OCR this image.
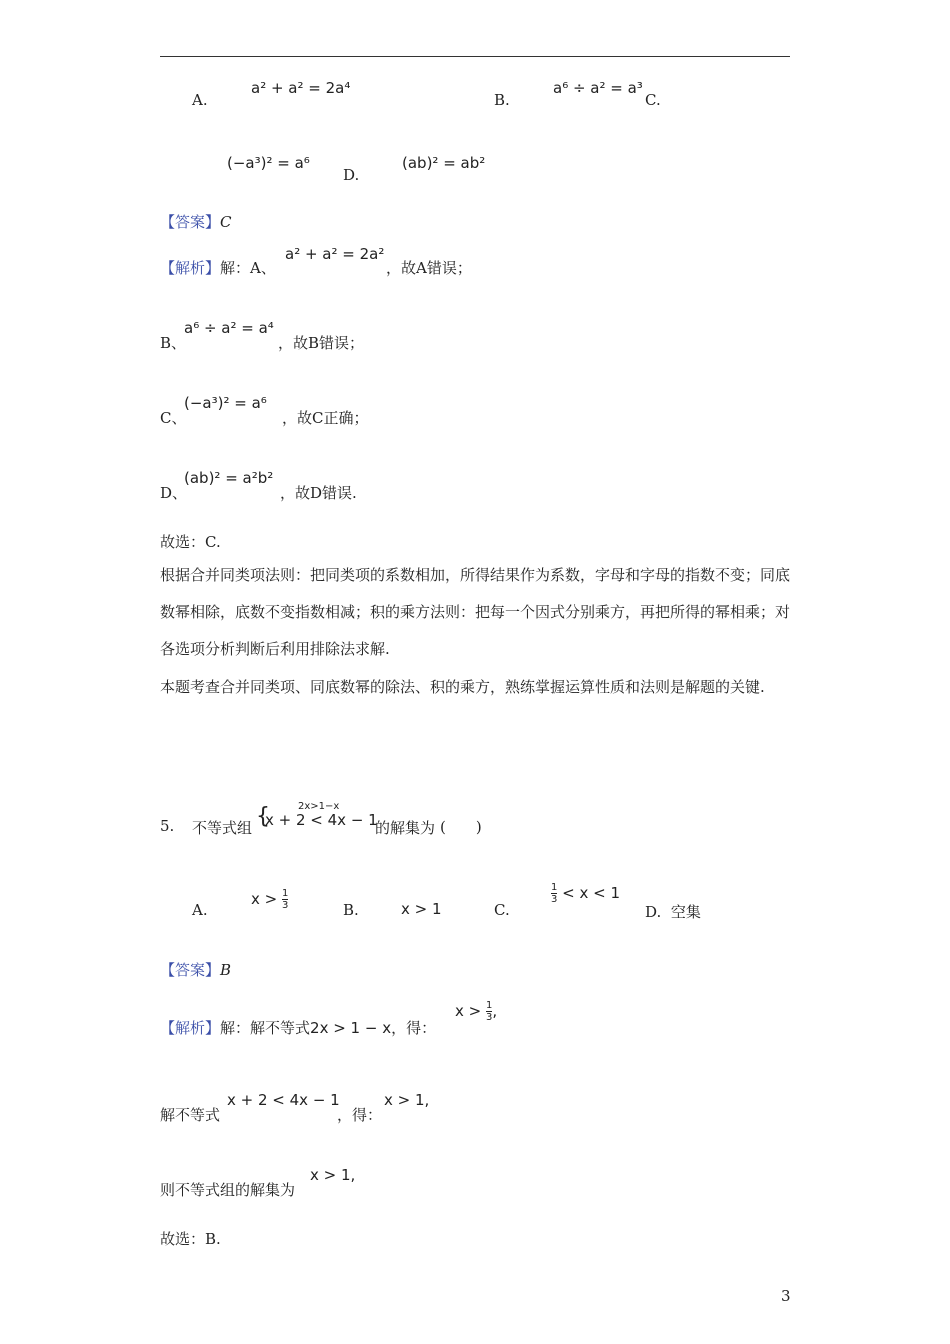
A.
a² + a² = 2a⁴
B.
a⁶ ÷ a² = a³
C.
(−a³)² = a⁶
D.
(ab)² = ab²
【答案】C
【解析】解：A、
a² + a² = 2a²
，故A错误；
B、
a⁶ ÷ a² = a⁴
，故B错误；
C、
(−a³)² = a⁶
，故C正确；
D、
(ab)² = a²b²
，故D错误.
故选：C.
根据合并同类项法则：把同类项的系数相加，所得结果作为系数，字母和字母的指数不变；同底数幂相除，底数不变指数相减；积的乘方法则：把每一个因式分别乘方，再把所得的幂相乘；对各选项分析判断后利用排除法求解.
本题考查合并同类项、同底数幂的除法、积的乘方，熟练掌握运算性质和法则是解题的关键.
5. 不等式组 {	2x>1−x
x + 2 < 4x − 1
的解集为 (　　)
A.
$x > \frac{1}{3}$	B.	x > 1	C.
$\frac{1}{3} < x < 1$
D. 空集
【答案】B
【解析】解：解不等式2x > 1 − x，得：
$x > \frac{1}{3}$ ,
解不等式
x + 2 < 4x − 1
，得：
x > 1,
则不等式组的解集为
x > 1,
故选：B.
3
